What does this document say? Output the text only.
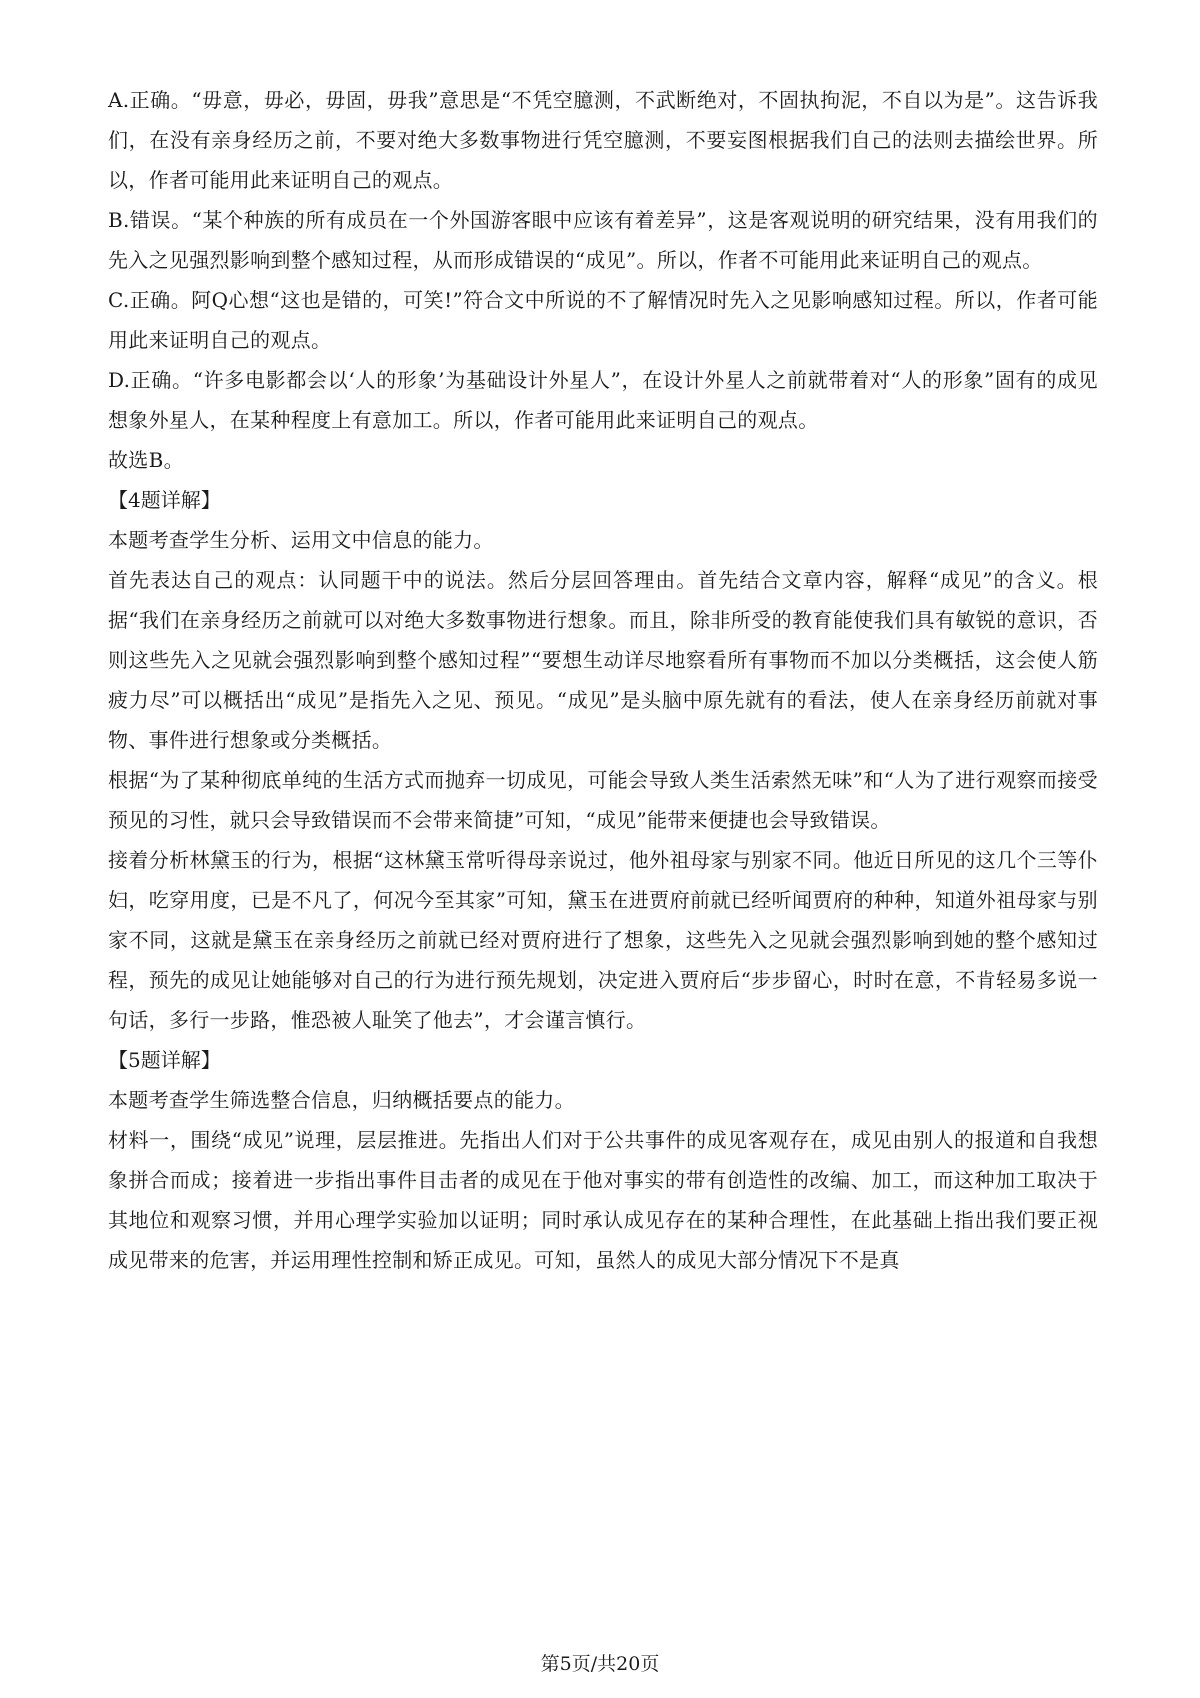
A.正确。“毋意，毋必，毋固，毋我”意思是“不凭空臆测，不武断绝对，不固执拘泥，不自以为是”。这告诉我们，在没有亲身经历之前，不要对绝大多数事物进行凭空臆测，不要妄图根据我们自己的法则去描绘世界。所以，作者可能用此来证明自己的观点。

B.错误。“某个种族的所有成员在一个外国游客眼中应该有着差异”，这是客观说明的研究结果，没有用我们的先入之见强烈影响到整个感知过程，从而形成错误的“成见”。所以，作者不可能用此来证明自己的观点。

C.正确。阿Q心想“这也是错的，可笑!”符合文中所说的不了解情况时先入之见影响感知过程。所以，作者可能用此来证明自己的观点。

D.正确。“许多电影都会以‘人的形象’为基础设计外星人”，在设计外星人之前就带着对“人的形象”固有的成见想象外星人，在某种程度上有意加工。所以，作者可能用此来证明自己的观点。

故选B。

【4题详解】

本题考查学生分析、运用文中信息的能力。

首先表达自己的观点：认同题干中的说法。然后分层回答理由。首先结合文章内容，解释“成见”的含义。根据“我们在亲身经历之前就可以对绝大多数事物进行想象。而且，除非所受的教育能使我们具有敏锐的意识，否则这些先入之见就会强烈影响到整个感知过程”“要想生动详尽地察看所有事物而不加以分类概括，这会使人筋疲力尽”可以概括出“成见”是指先入之见、预见。“成见”是头脑中原先就有的看法，使人在亲身经历前就对事物、事件进行想象或分类概括。

根据“为了某种彻底单纯的生活方式而抛弃一切成见，可能会导致人类生活索然无味”和“人为了进行观察而接受预见的习性，就只会导致错误而不会带来简捷”可知，“成见”能带来便捷也会导致错误。

接着分析林黛玉的行为，根据“这林黛玉常听得母亲说过，他外祖母家与别家不同。他近日所见的这几个三等仆妇，吃穿用度，已是不凡了，何况今至其家”可知，黛玉在进贾府前就已经听闻贾府的种种，知道外祖母家与别家不同，这就是黛玉在亲身经历之前就已经对贾府进行了想象，这些先入之见就会强烈影响到她的整个感知过程，预先的成见让她能够对自己的行为进行预先规划，决定进入贾府后“步步留心，时时在意，不肯轻易多说一句话，多行一步路，惟恐被人耻笑了他去”，才会谨言慎行。

【5题详解】

本题考查学生筛选整合信息，归纳概括要点的能力。

材料一，围绕“成见”说理，层层推进。先指出人们对于公共事件的成见客观存在，成见由别人的报道和自我想象拼合而成；接着进一步指出事件目击者的成见在于他对事实的带有创造性的改编、加工，而这种加工取决于其地位和观察习惯，并用心理学实验加以证明；同时承认成见存在的某种合理性，在此基础上指出我们要正视成见带来的危害，并运用理性控制和矫正成见。可知，虽然人的成见大部分情况下不是真

第5页/共20页
